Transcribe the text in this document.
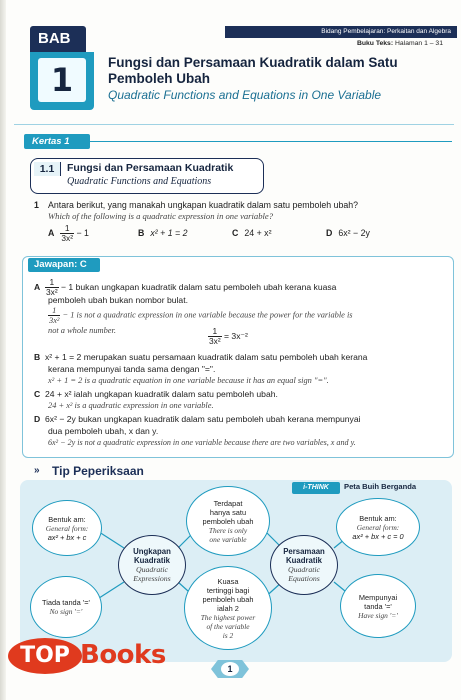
BAB
1
Bidang Pembelajaran: Perkaitan dan Algebra
Buku Teks: Halaman 1 – 31
Fungsi dan Persamaan Kuadratik dalam Satu Pemboleh Ubah
Quadratic Functions and Equations in One Variable
Kertas 1
1.1	Fungsi dan Persamaan Kuadratik
Quadratic Functions and Equations
1 Antara berikut, yang manakah ungkapan kuadratik dalam satu pemboleh ubah?
Which of the following is a quadratic expression in one variable?
A $\frac{1}{\text{3x²}} - 1$	B x² + 1 = 2	C 24 + x²	D 6x² − 2y
Jawapan: C
A $\frac{1}{\text{3x²}} - 1$ bukan ungkapan kuadratik dalam satu pemboleh ubah kerana kuasa
pemboleh ubah bukan nombor bulat.
$\frac{1}{\text{3x²}} - 1$ is not a quadratic expression in one variable because the power for the variable is
not a whole number.	$\frac{1}{\text{3x²}} = 3x^{-2}$
B x² + 1 = 2 merupakan suatu persamaan kuadratik dalam satu pemboleh ubah kerana
kerana mempunyai tanda sama dengan "=".
x² + 1 = 2 is a quadratic equation in one variable because it has an equal sign "=".
C 24 + x² ialah ungkapan kuadratik dalam satu pemboleh ubah.
24 + x² is a quadratic expression in one variable.
D 6x² − 2y bukan ungkapan kuadratik dalam satu pemboleh ubah kerana mempunyai
dua pemboleh ubah, x dan y.
6x² − 2y is not a quadratic expression in one variable because there are two variables, x and y.
» Tip Peperiksaan
i-THINK	Peta Buih Berganda
Bentuk am:
General form:
ax² + bx + c
Tiada tanda '='
No sign '='
Ungkapan
Kuadratik
Quadratic
Expressions
Terdapat
hanya satu
pemboleh ubah
There is only
one variable
Kuasa
tertinggi bagi
pemboleh ubah
ialah 2
The highest power
of the variable
is 2
Persamaan
Kuadratik
Quadratic
Equations
Bentuk am:
General form:
ax² + bx + c = 0
Mempunyai tanda '='
Have sign '='
1
TOP Books
